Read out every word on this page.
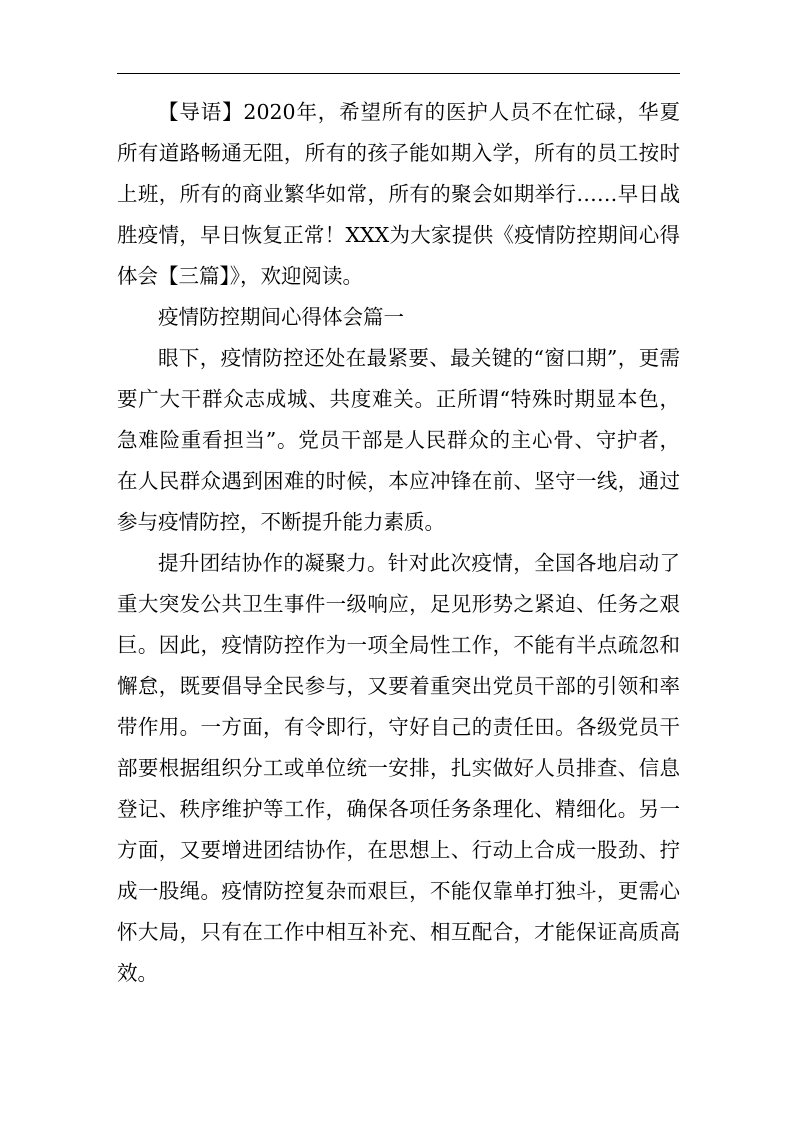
【导语】2020年，希望所有的医护人员不在忙碌，华夏所有道路畅通无阻，所有的孩子能如期入学，所有的员工按时上班，所有的商业繁华如常，所有的聚会如期举行……早日战胜疫情，早日恢复正常！XXX为大家提供《疫情防控期间心得体会【三篇】》，欢迎阅读。

疫情防控期间心得体会篇一

眼下，疫情防控还处在最紧要、最关键的“窗口期”，更需要广大干群众志成城、共度难关。正所谓“特殊时期显本色，急难险重看担当”。党员干部是人民群众的主心骨、守护者，在人民群众遇到困难的时候，本应冲锋在前、坚守一线，通过参与疫情防控，不断提升能力素质。

提升团结协作的凝聚力。针对此次疫情，全国各地启动了重大突发公共卫生事件一级响应，足见形势之紧迫、任务之艰巨。因此，疫情防控作为一项全局性工作，不能有半点疏忽和懈怠，既要倡导全民参与，又要着重突出党员干部的引领和率带作用。一方面，有令即行，守好自己的责任田。各级党员干部要根据组织分工或单位统一安排，扎实做好人员排查、信息登记、秩序维护等工作，确保各项任务条理化、精细化。另一方面，又要增进团结协作，在思想上、行动上合成一股劲、拧成一股绳。疫情防控复杂而艰巨，不能仅靠单打独斗，更需心怀大局，只有在工作中相互补充、相互配合，才能保证高质高效。
